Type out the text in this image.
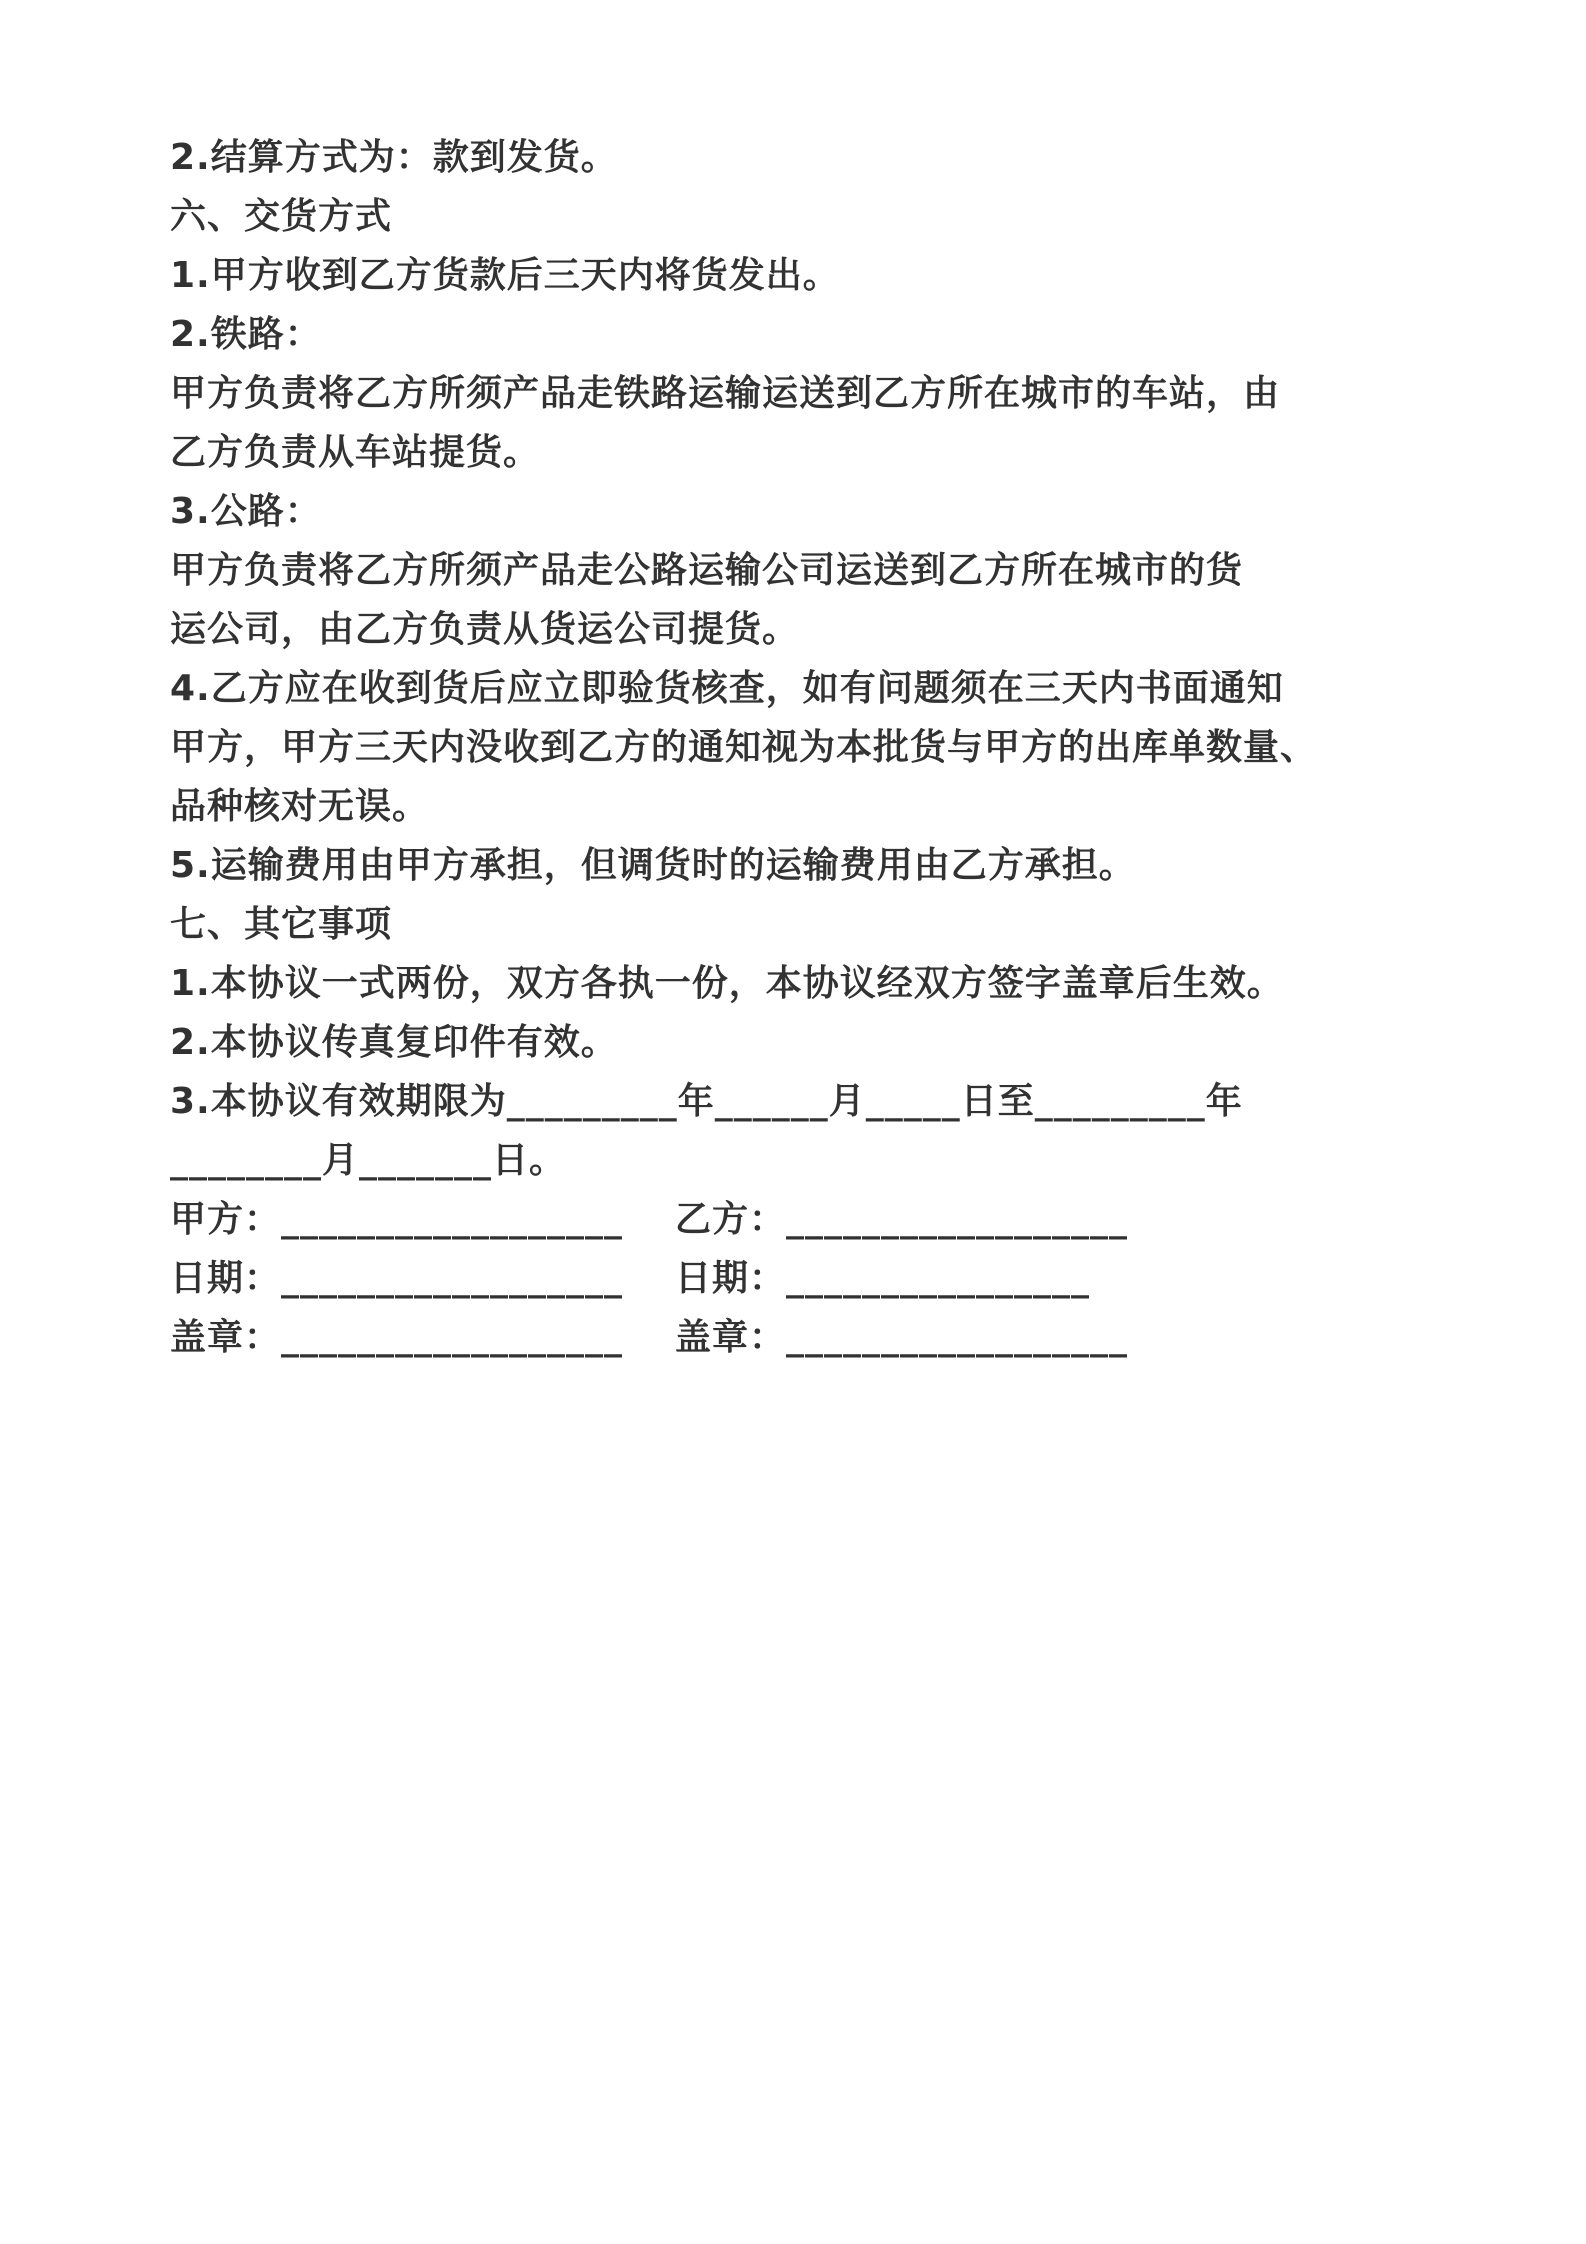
2.结算方式为：款到发货。
六、交货方式
1.甲方收到乙方货款后三天内将货发出。
2.铁路：
甲方负责将乙方所须产品走铁路运输运送到乙方所在城市的车站，由
乙方负责从车站提货。
3.公路：
甲方负责将乙方所须产品走公路运输公司运送到乙方所在城市的货
运公司，由乙方负责从货运公司提货。
4.乙方应在收到货后应立即验货核查，如有问题须在三天内书面通知
甲方，甲方三天内没收到乙方的通知视为本批货与甲方的出库单数量、
品种核对无误。
5.运输费用由甲方承担，但调货时的运输费用由乙方承担。
七、其它事项
1.本协议一式两份，双方各执一份，本协议经双方签字盖章后生效。
2.本协议传真复印件有效。
3.本协议有效期限为_________年______月_____日至_________年
________月_______日。
甲方：__________________	乙方：__________________
日期：__________________	日期：________________
盖章：__________________	盖章：__________________
